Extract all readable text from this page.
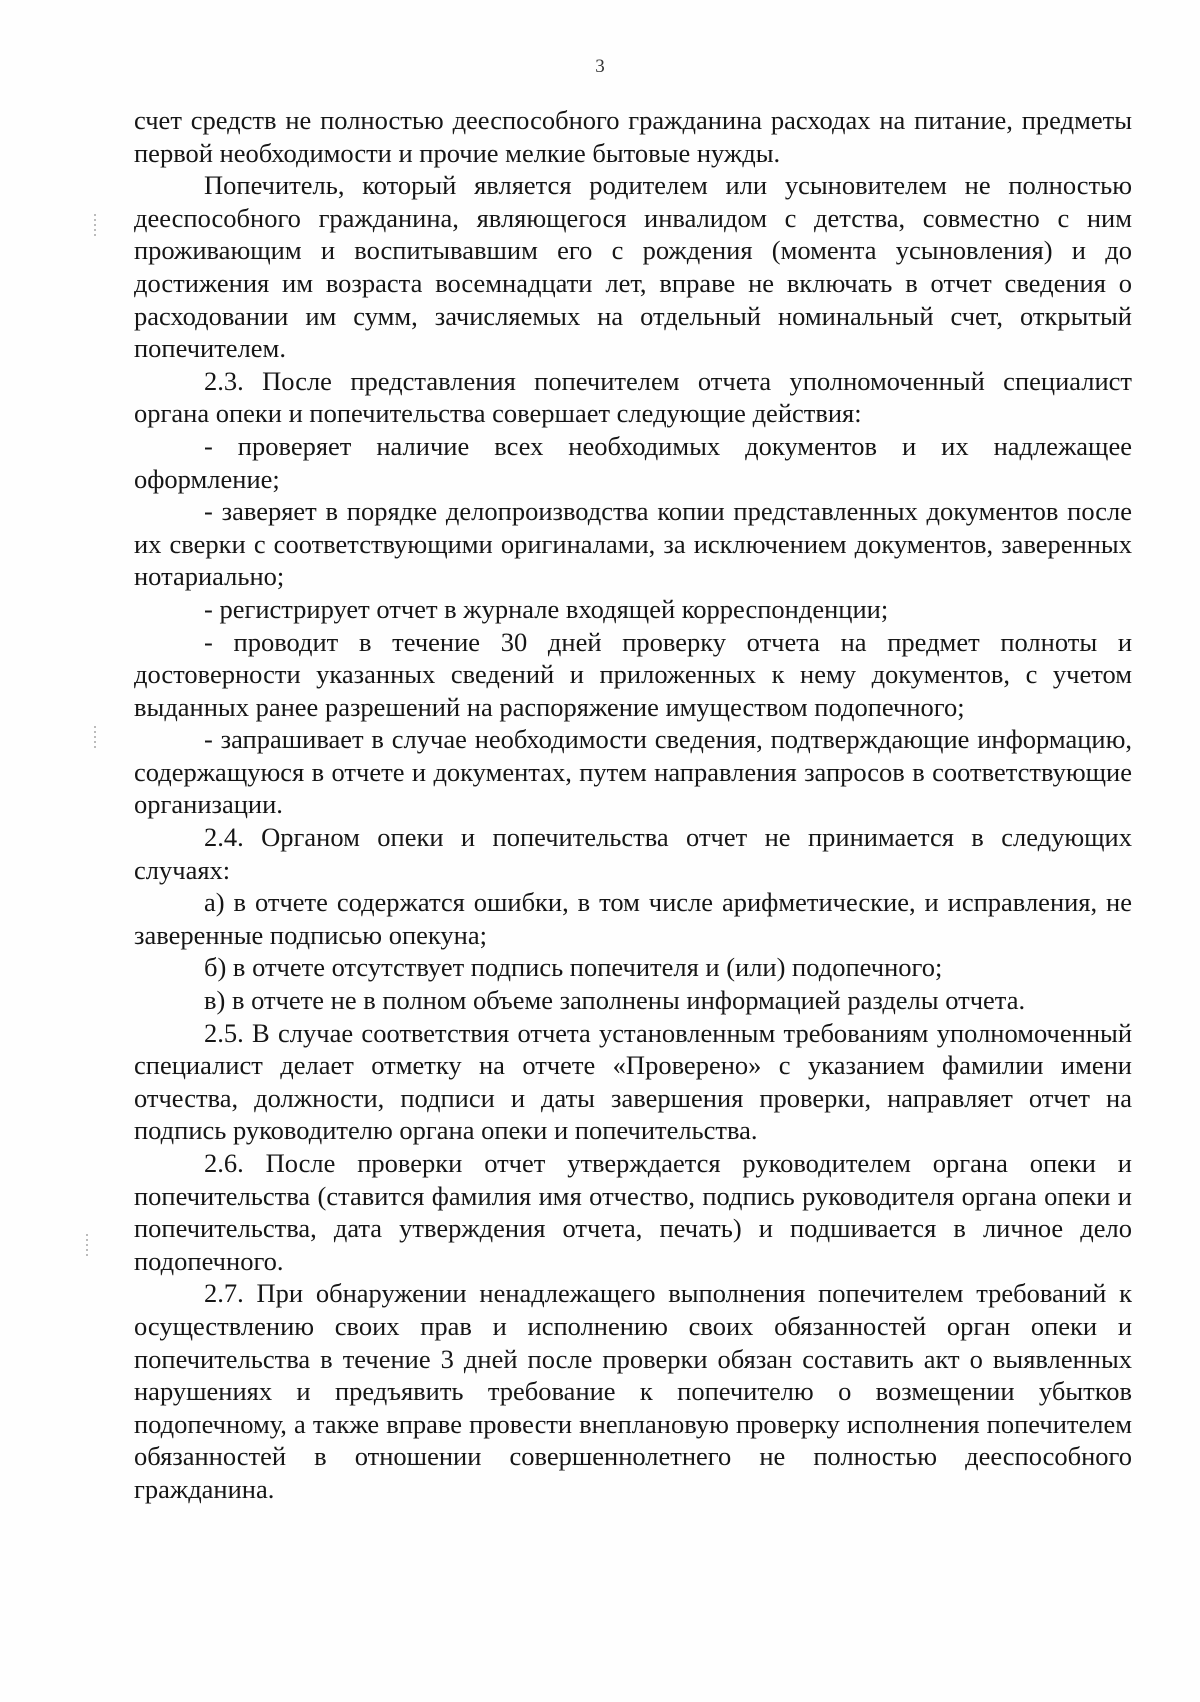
3

счет средств не полностью дееспособного гражданина расходах на питание, предметы первой необходимости и прочие мелкие бытовые нужды.

Попечитель, который является родителем или усыновителем не полностью дееспособного гражданина, являющегося инвалидом с детства, совместно с ним проживающим и воспитывавшим его с рождения (момента усыновления) и до достижения им возраста восемнадцати лет, вправе не включать в отчет сведения о расходовании им сумм, зачисляемых на отдельный номинальный счет, открытый попечителем.

2.3. После представления попечителем отчета уполномоченный специалист органа опеки и попечительства совершает следующие действия:

- проверяет наличие всех необходимых документов и их надлежащее оформление;

- заверяет в порядке делопроизводства копии представленных документов после их сверки с соответствующими оригиналами, за исключением документов, заверенных нотариально;

- регистрирует отчет в журнале входящей корреспонденции;

- проводит в течение 30 дней проверку отчета на предмет полноты и достоверности указанных сведений и приложенных к нему документов, с учетом выданных ранее разрешений на распоряжение имуществом подопечного;

- запрашивает в случае необходимости сведения, подтверждающие информацию, содержащуюся в отчете и документах, путем направления запросов в соответствующие организации.

2.4. Органом опеки и попечительства отчет не принимается в следующих случаях:

а) в отчете содержатся ошибки, в том числе арифметические, и исправления, не заверенные подписью опекуна;

б) в отчете отсутствует подпись попечителя и (или) подопечного;

в) в отчете не в полном объеме заполнены информацией разделы отчета.

2.5. В случае соответствия отчета установленным требованиям уполномоченный специалист делает отметку на отчете «Проверено» с указанием фамилии имени отчества, должности, подписи и даты завершения проверки, направляет отчет на подпись руководителю органа опеки и попечительства.

2.6. После проверки отчет утверждается руководителем органа опеки и попечительства (ставится фамилия имя отчество, подпись руководителя органа опеки и попечительства, дата утверждения отчета, печать) и подшивается в личное дело подопечного.

2.7. При обнаружении ненадлежащего выполнения попечителем требований к осуществлению своих прав и исполнению своих обязанностей орган опеки и попечительства в течение 3 дней после проверки обязан составить акт о выявленных нарушениях и предъявить требование к попечителю о возмещении убытков подопечному, а также вправе провести внеплановую проверку исполнения попечителем обязанностей в отношении совершеннолетнего не полностью дееспособного гражданина.
